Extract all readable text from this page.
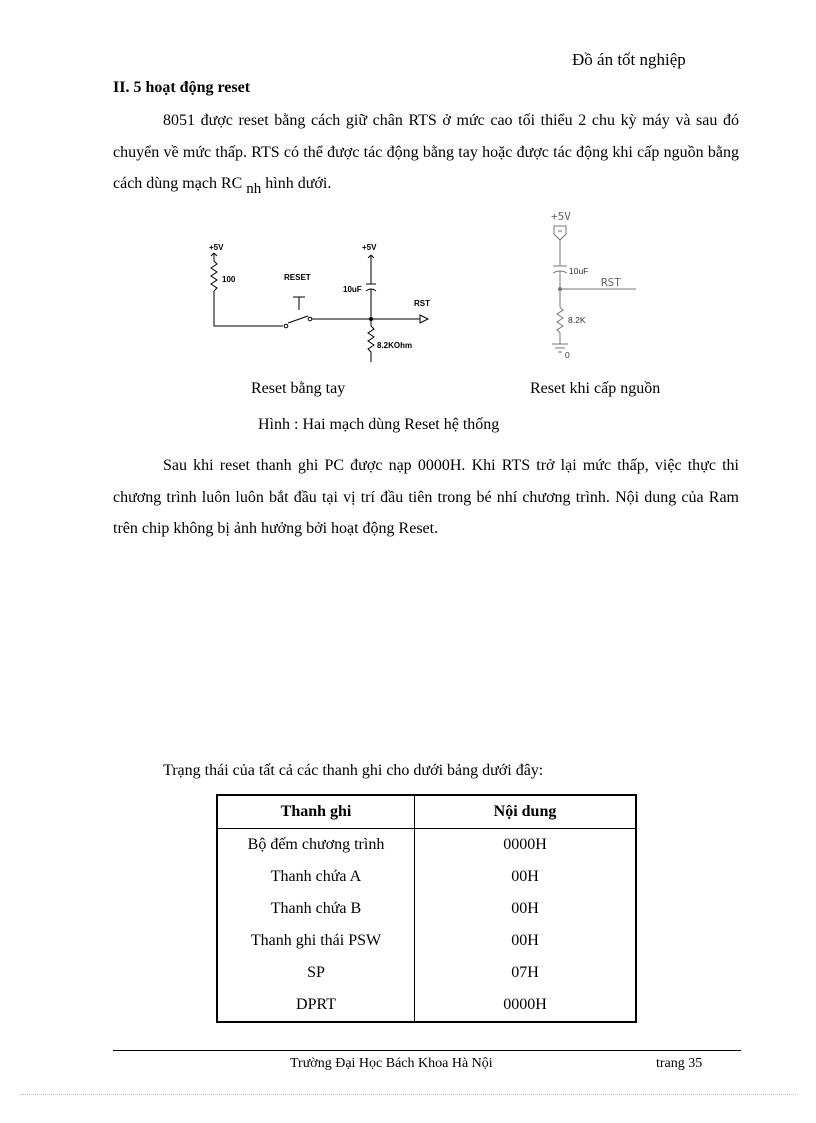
Đồ án tốt nghiệp
II. 5 hoạt động reset
8051 được reset bằng cách giữ chân RTS ở mức cao tối thiểu 2 chu kỳ máy và sau đó chuyển về mức thấp. RTS có thể được tác động bằng tay hoặc được tác động khi cấp nguồn bằng cách dùng mạch RC nh hình dưới.
+5V
100	RESET
+5V
10uF
RST
8.2KOhm
+5V
10uF
RST
8.2K
0
Reset bằng tay	Reset khi cấp nguồn
Hình : Hai mạch dùng Reset hệ thống
Sau khi reset thanh ghi PC được nạp 0000H. Khi RTS trở lại mức thấp, việc thực thi chương trình luôn luôn bắt đầu tại vị trí đầu tiên trong bé nhí chương trình. Nội dung của Ram trên chip không bị ảnh hưởng bởi hoạt động Reset.
Trạng thái của tất cả các thanh ghi cho dưới bảng dưới đây:
Thanh ghi	Nội dung
Bộ đếm chương trình	0000H
Thanh chứa A	00H
Thanh chứa B	00H
Thanh ghi thái PSW	00H
SP	07H
DPRT	0000H
Trường Đại Học Bách Khoa Hà Nội	trang 35
